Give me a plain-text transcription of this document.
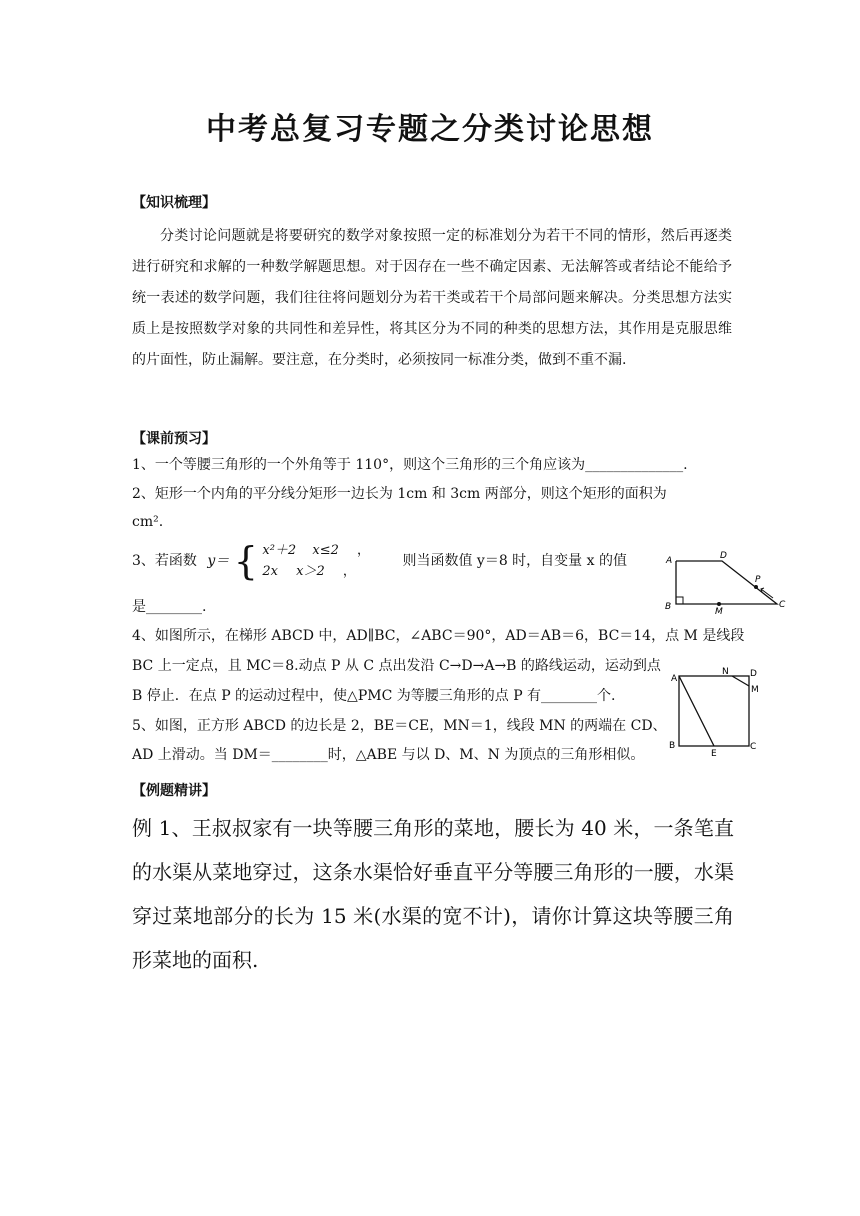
中考总复习专题之分类讨论思想
【知识梳理】

分类讨论问题就是将要研究的数学对象按照一定的标准划分为若干不同的情形，然后再逐类进行研究和求解的一种数学解题思想。对于因存在一些不确定因素、无法解答或者结论不能给予统一表述的数学问题，我们往往将问题划分为若干类或若干个局部问题来解决。分类思想方法实质上是按照数学对象的共同性和差异性，将其区分为不同的种类的思想方法，其作用是克服思维的片面性，防止漏解。要注意，在分类时，必须按同一标准分类，做到不重不漏.

【课前预习】
1、一个等腰三角形的一个外角等于 110°，则这个三角形的三个角应该为______________.
2、矩形一个内角的平分线分矩形一边长为 1cm 和 3cm 两部分，则这个矩形的面积为
cm².
3、若函数 y＝ { x²＋2 x≤2 ，
2x x＞2 ， 则当函数值 y＝8 时，自变量 x 的值
是________.
4、如图所示，在梯形 ABCD 中，AD∥BC，∠ABC＝90°，AD＝AB＝6，BC＝14，点 M 是线段
BC 上一定点，且 MC＝8.动点 P 从 C 点出发沿 C→D→A→B 的路线运动，运动到点
B 停止．在点 P 的运动过程中，使△PMC 为等腰三角形的点 P 有________个.
5、如图，正方形 ABCD 的边长是 2，BE＝CE，MN＝1，线段 MN 的两端在 CD、
AD 上滑动。当 DM＝________时，△ABE 与以 D、M、N 为顶点的三角形相似。
【例题精讲】
例 1、王叔叔家有一块等腰三角形的菜地，腰长为 40 米，一条笔直的水渠从菜地穿过，这条水渠恰好垂直平分等腰三角形的一腰，水渠穿过菜地部分的长为 15 米(水渠的宽不计)，请你计算这块等腰三角形菜地的面积.
A	D
B	M
C
P
A
N D
M
B
E
C
